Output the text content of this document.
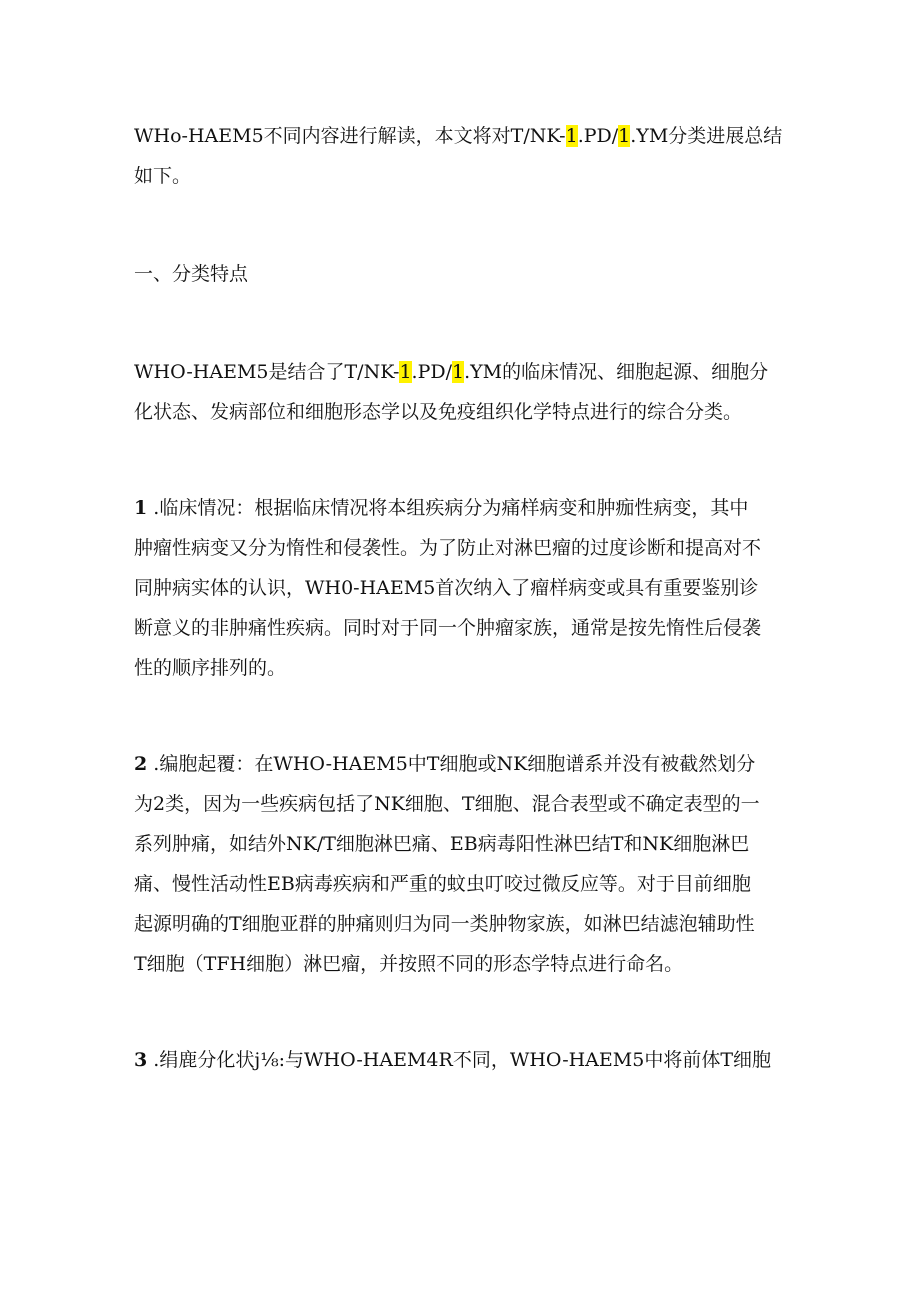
WHo-HAEM5不同内容进行解读，本文将对T/NK-1.PD/1.YM分类进展总结
如下。
一、分类特点
WHO-HAEM5是结合了T/NK-1.PD/1.YM的临床情况、细胞起源、细胞分
化状态、发病部位和细胞形态学以及免疫组织化学特点进行的综合分类。
1 .临床情况：根据临床情况将本组疾病分为痛样病变和肿痂性病变，其中
肿瘤性病变又分为惰性和侵袭性。为了防止对淋巴瘤的过度诊断和提高对不
同肿病实体的认识，WH0-HAEM5首次纳入了瘤样病变或具有重要鉴别诊
断意义的非肿痛性疾病。同时对于同一个肿瘤家族，通常是按先惰性后侵袭
性的顺序排列的。
2 .编胞起覆：在WHO-HAEM5中T细胞或NK细胞谱系并没有被截然划分
为2类，因为一些疾病包括了NK细胞、T细胞、混合表型或不确定表型的一
系列肿痛，如结外NK/T细胞淋巴痛、EB病毒阳性淋巴结T和NK细胞淋巴
痛、慢性活动性EB病毒疾病和严重的蚊虫叮咬过微反应等。对于目前细胞
起源明确的T细胞亚群的肿痛则归为同一类肿物家族，如淋巴结滤泡辅助性
T细胞（TFH细胞）淋巴瘤，并按照不同的形态学特点进行命名。
3 .绢鹿分化状j⅛:与WHO-HAEM4R不同，WHO-HAEM5中将前体T细胞
